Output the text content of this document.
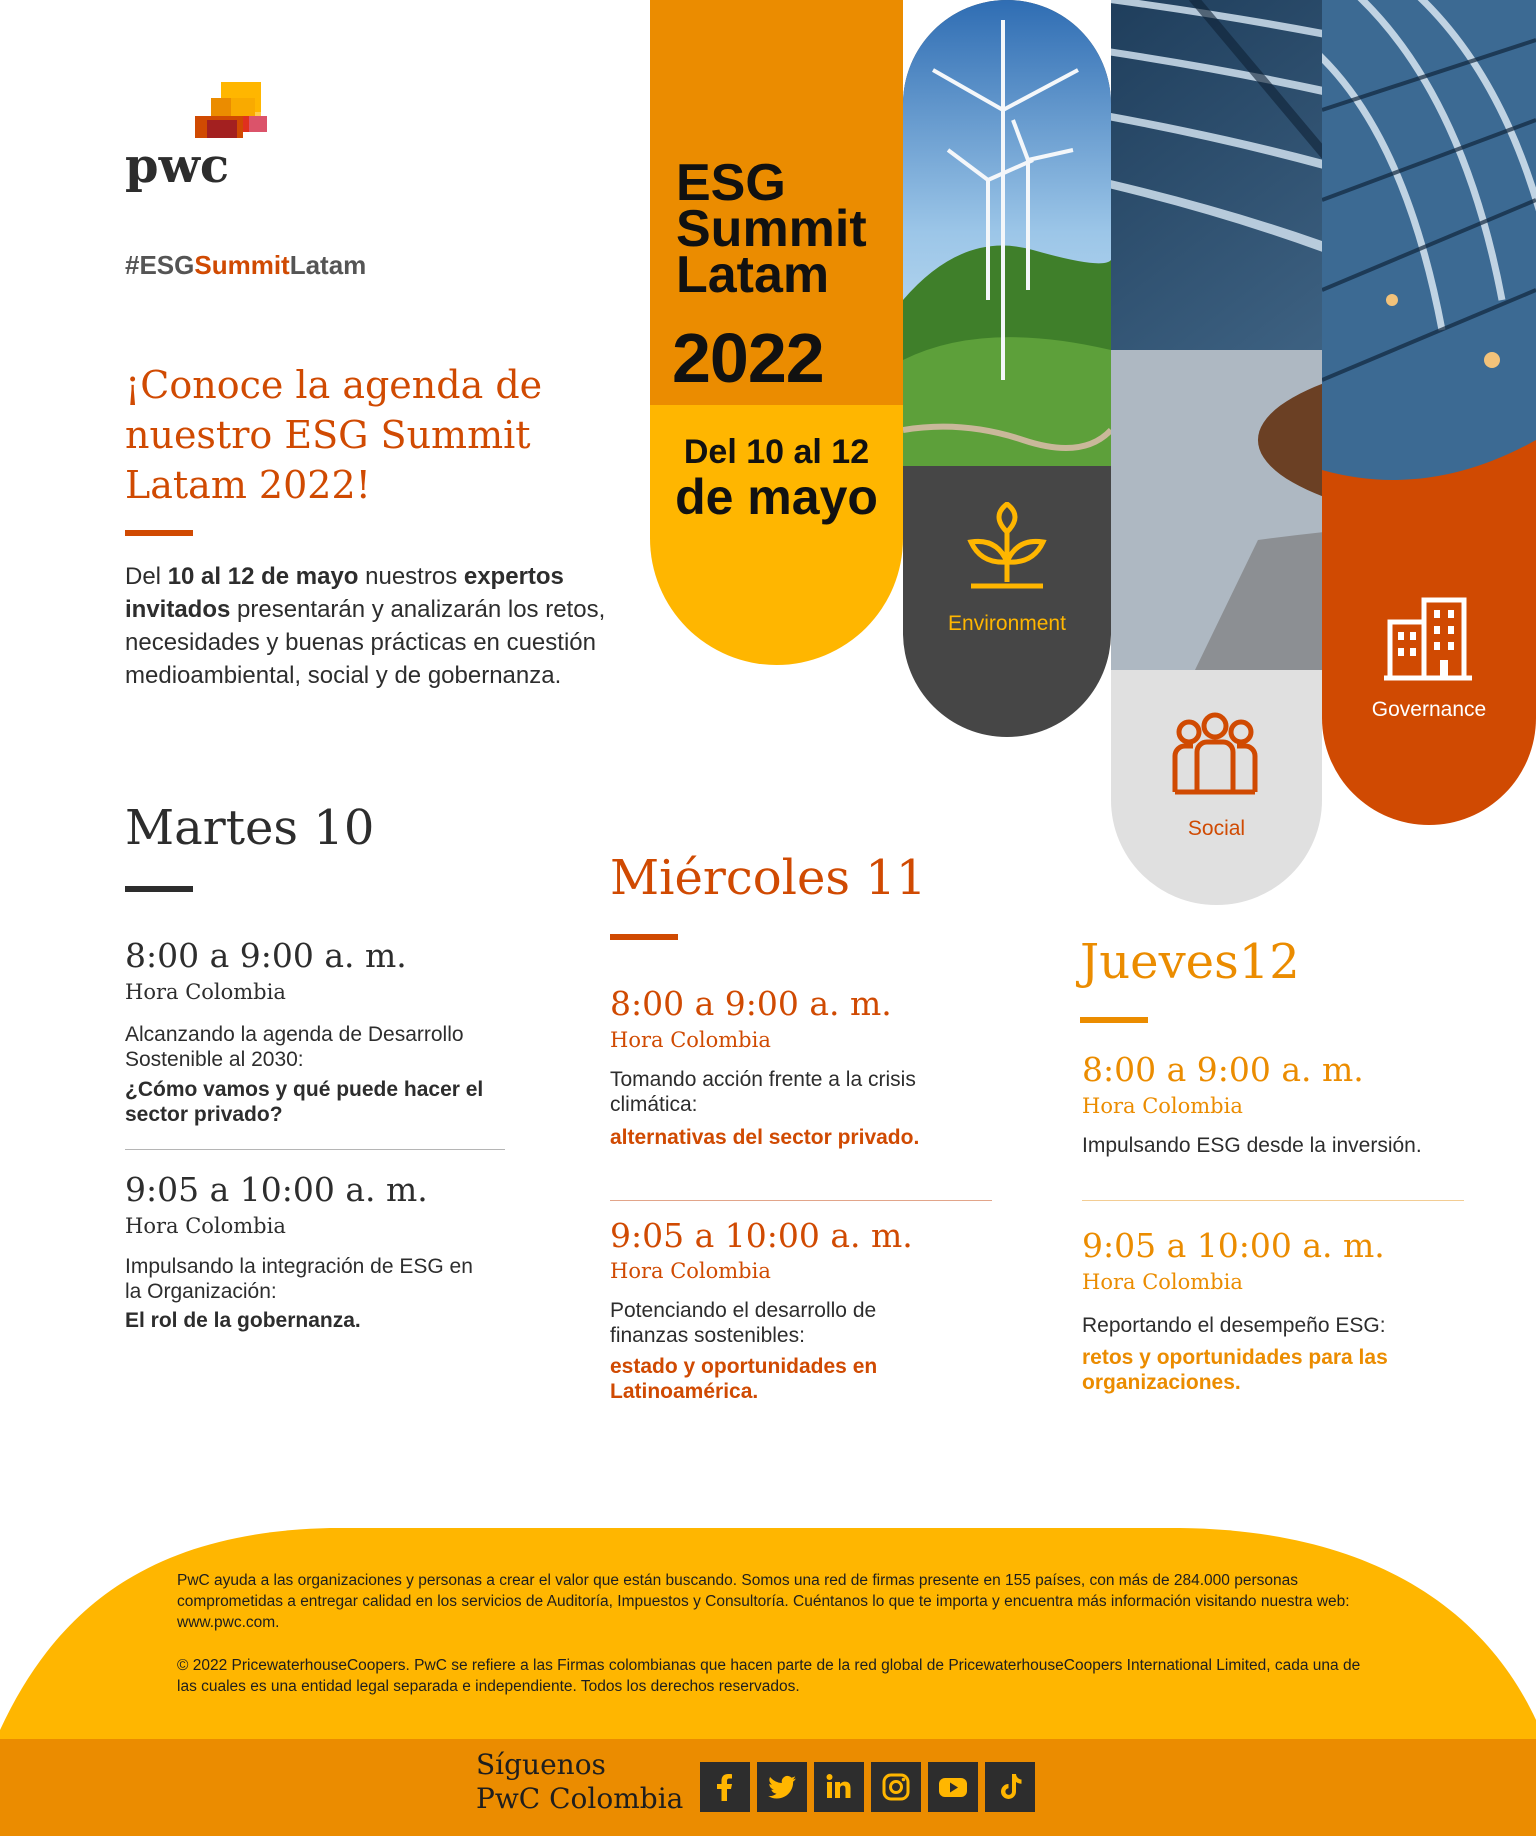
pwc
#ESGSummitLatam
¡Conoce la agenda de nuestro ESG Summit Latam 2022!
Del 10 al 12 de mayo nuestros expertos invitados presentarán y analizarán los retos, necesidades y buenas prácticas en cuestión medioambiental, social y de gobernanza.
Social
Governance
Environment
ESG
Summit
Latam
2022
Del 10 al 12
de mayo
Martes 10
8:00 a 9:00 a. m.
Hora Colombia
Alcanzando la agenda de Desarrollo Sostenible al 2030:
¿Cómo vamos y qué puede hacer el sector privado?
9:05 a 10:00 a. m.
Hora Colombia
Impulsando la integración de ESG en la Organización:
El rol de la gobernanza.
Miércoles 11
8:00 a 9:00 a. m.
Hora Colombia
Tomando acción frente a la crisis climática:
alternativas del sector privado.
9:05 a 10:00 a. m.
Hora Colombia
Potenciando el desarrollo de finanzas sostenibles:
estado y oportunidades en Latinoamérica.
Jueves12
8:00 a 9:00 a. m.
Hora Colombia
Impulsando ESG desde la inversión.
9:05 a 10:00 a. m.
Hora Colombia
Reportando el desempeño ESG:
retos y oportunidades para las organizaciones.
PwC ayuda a las organizaciones y personas a crear el valor que están buscando. Somos una red de firmas presente en 155 países, con más de 284.000 personas comprometidas a entregar calidad en los servicios de Auditoría, Impuestos y Consultoría. Cuéntanos lo que te importa y encuentra más información visitando nuestra web: www.pwc.com.
© 2022 PricewaterhouseCoopers. PwC se refiere a las Firmas colombianas que hacen parte de la red global de PricewaterhouseCoopers International Limited, cada una de las cuales es una entidad legal separada e independiente. Todos los derechos reservados.
Síguenos
PwC Colombia
